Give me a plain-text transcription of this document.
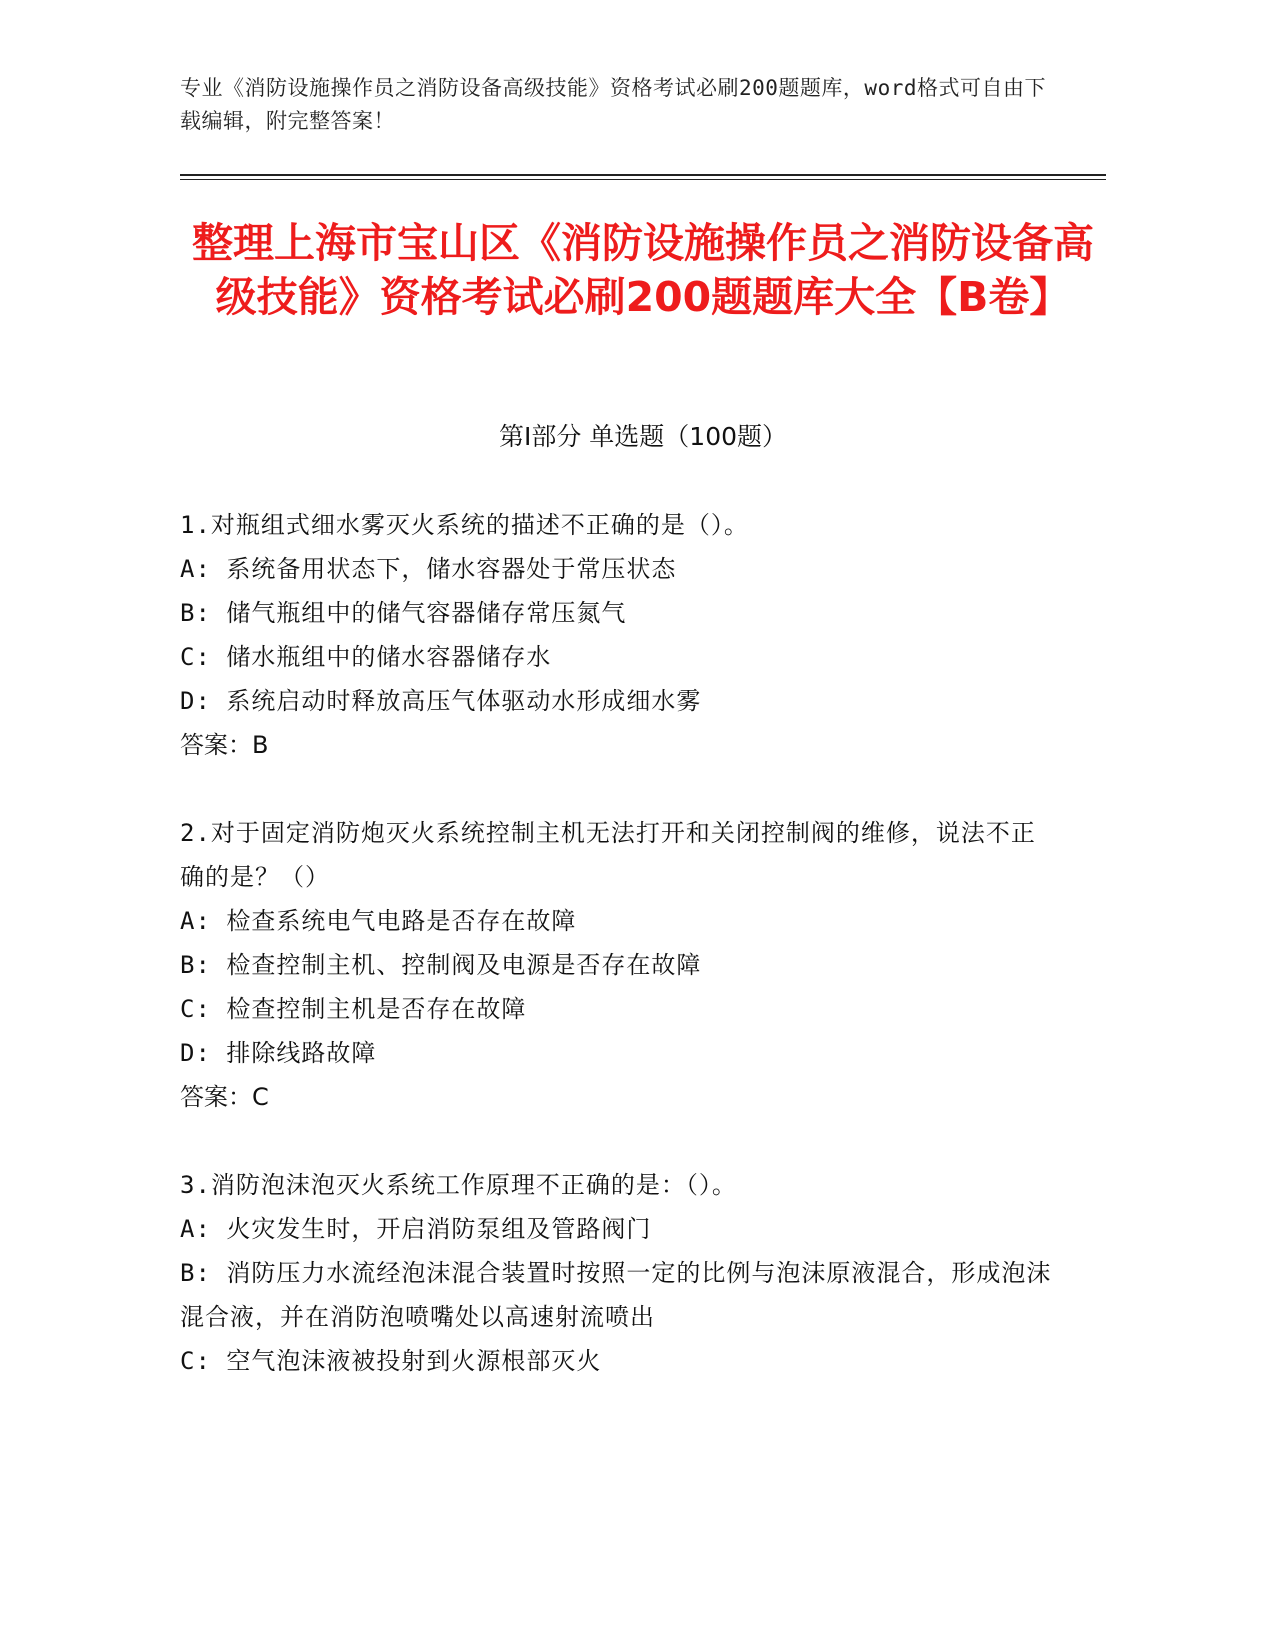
专业《消防设施操作员之消防设备高级技能》资格考试必刷200题题库，word格式可自由下载编辑，附完整答案！
整理上海市宝山区《消防设施操作员之消防设备高级技能》资格考试必刷200题题库大全【B卷】
第Ⅰ部分 单选题（100题）
1.对瓶组式细水雾灭火系统的描述不正确的是（）。
A: 系统备用状态下，储水容器处于常压状态
B: 储气瓶组中的储气容器储存常压氮气
C: 储水瓶组中的储水容器储存水
D: 系统启动时释放高压气体驱动水形成细水雾
答案：B
2.对于固定消防炮灭火系统控制主机无法打开和关闭控制阀的维修，说法不正确的是？（）
A: 检查系统电气电路是否存在故障
B: 检查控制主机、控制阀及电源是否存在故障
C: 检查控制主机是否存在故障
D: 排除线路故障
答案：C
3.消防泡沫泡灭火系统工作原理不正确的是：（）。
A: 火灾发生时，开启消防泵组及管路阀门
B: 消防压力水流经泡沫混合装置时按照一定的比例与泡沫原液混合，形成泡沫混合液，并在消防泡喷嘴处以高速射流喷出
C: 空气泡沫液被投射到火源根部灭火
